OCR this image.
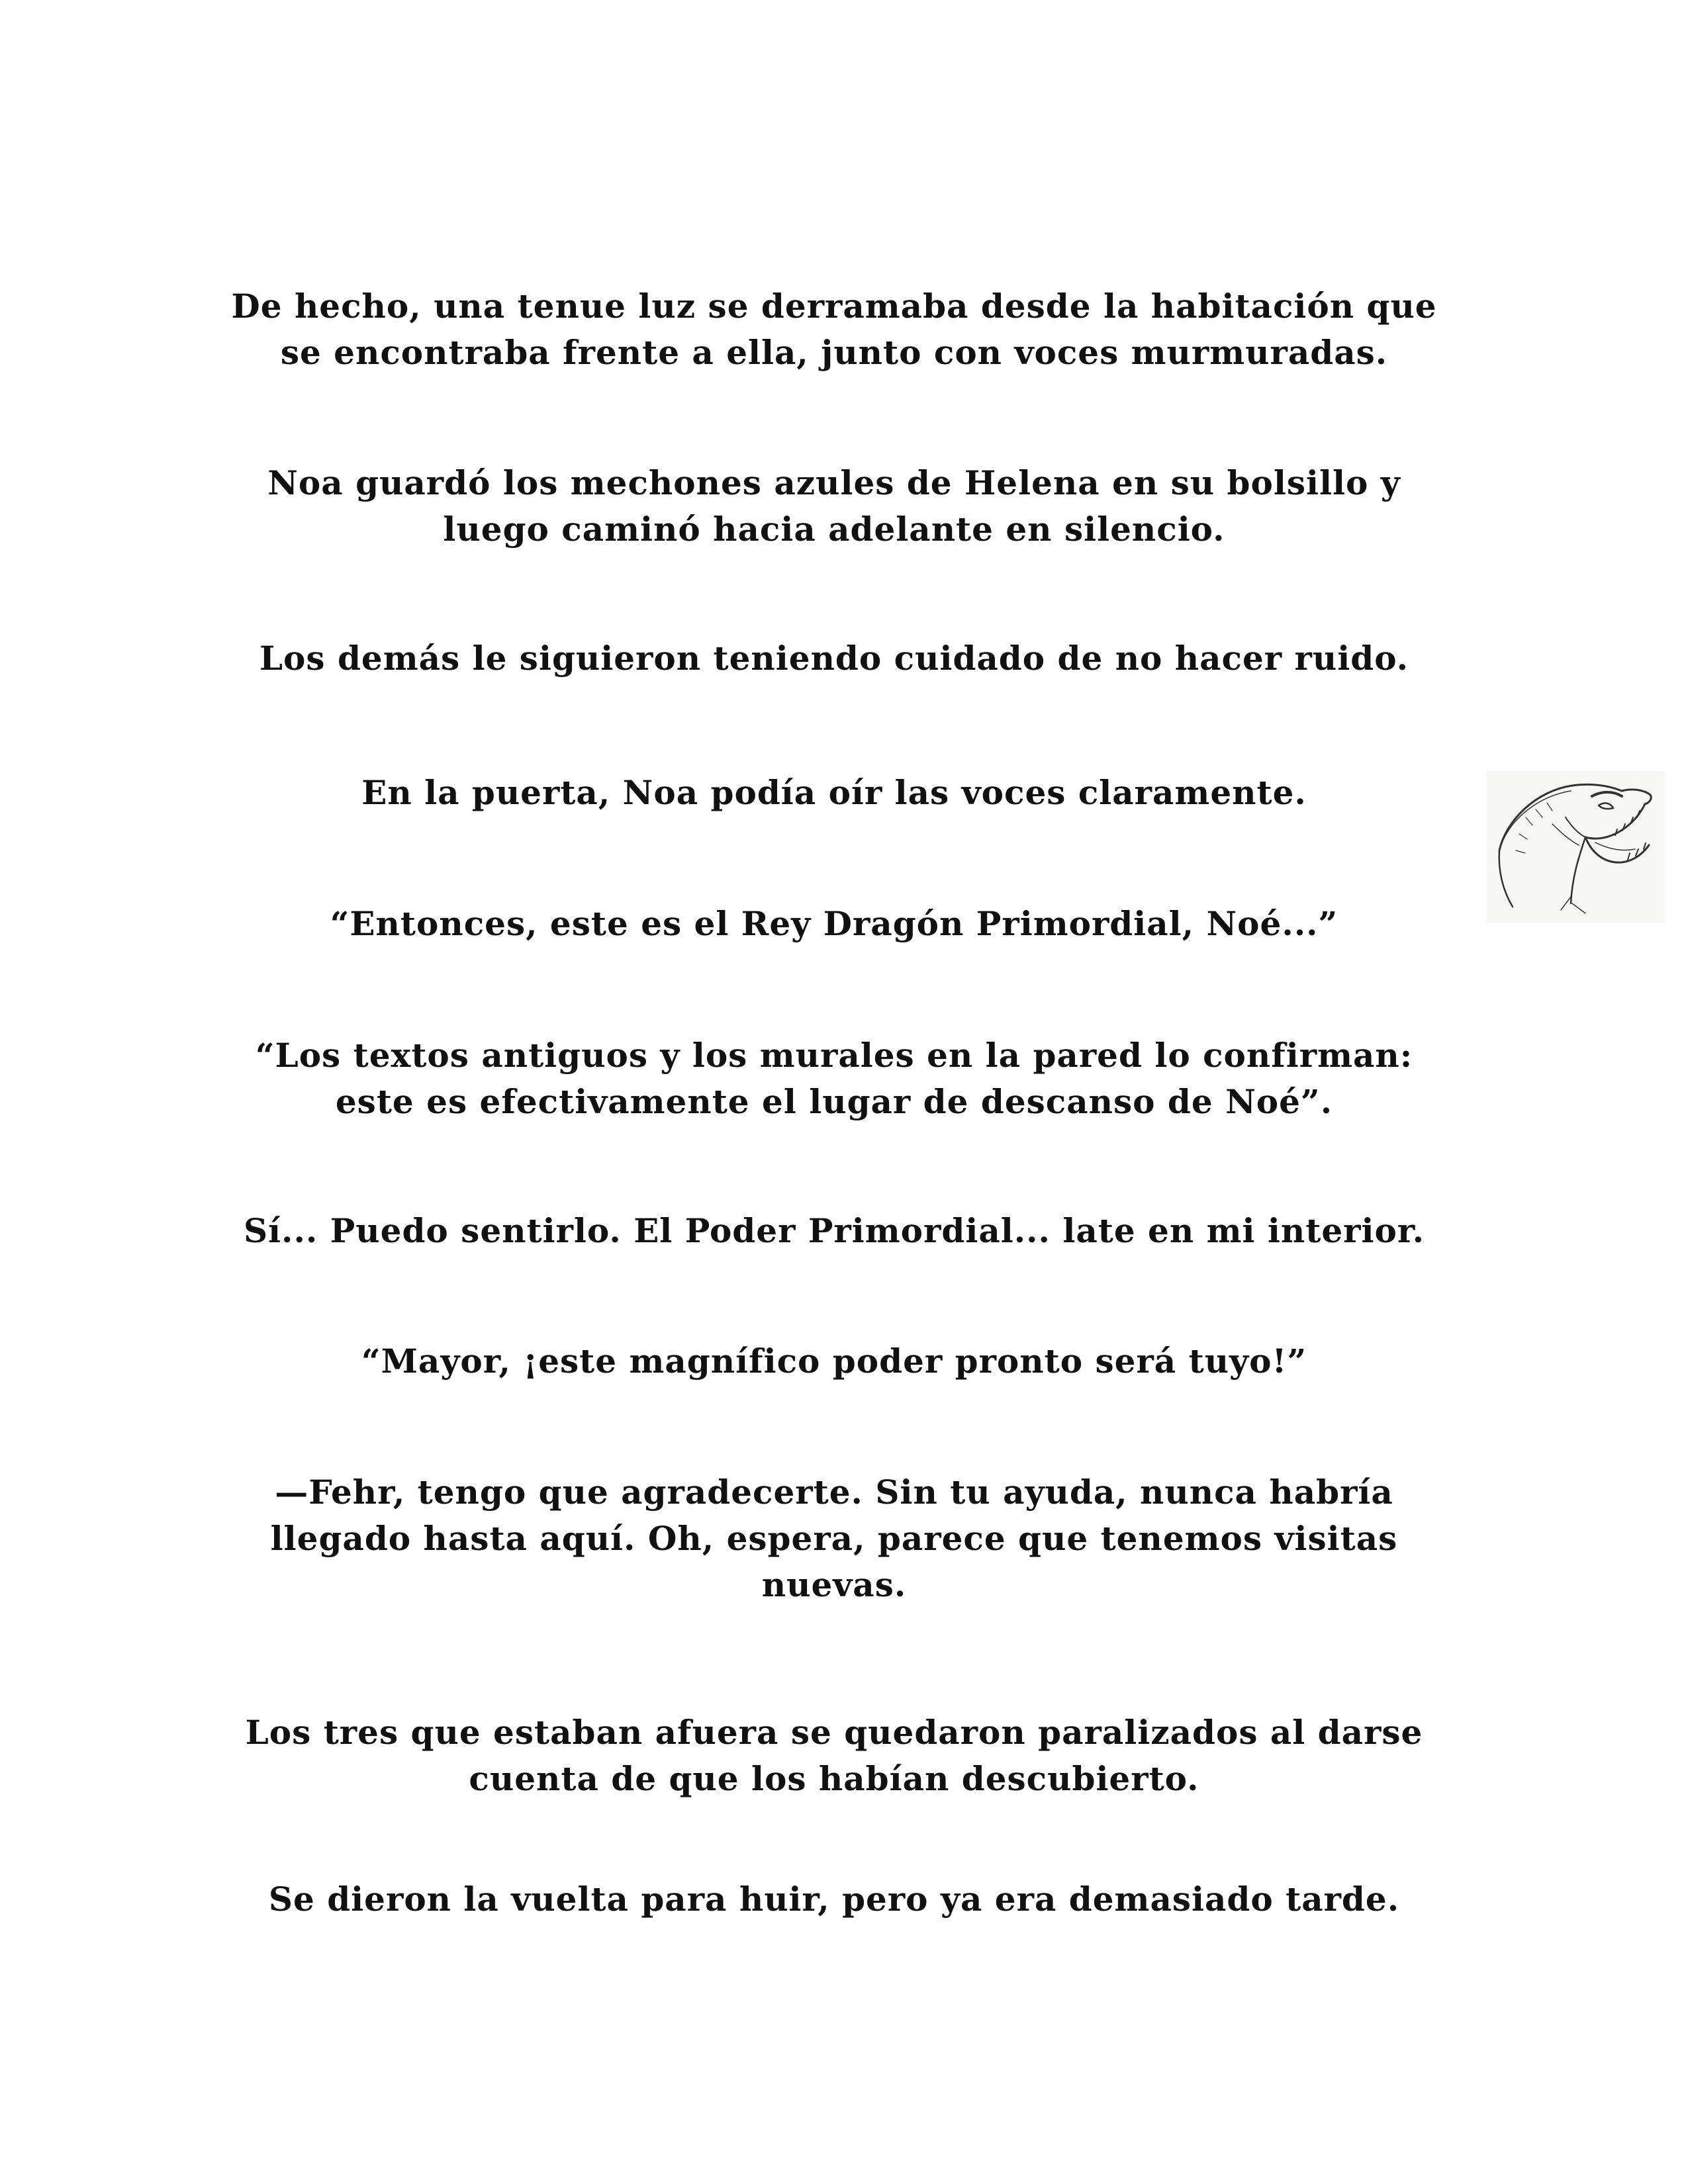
De hecho, una tenue luz se derramaba desde la habitación que
se encontraba frente a ella, junto con voces murmuradas.

Noa guardó los mechones azules de Helena en su bolsillo y
luego caminó hacia adelante en silencio.

Los demás le siguieron teniendo cuidado de no hacer ruido.

En la puerta, Noa podía oír las voces claramente.

“Entonces, este es el Rey Dragón Primordial, Noé...”

“Los textos antiguos y los murales en la pared lo confirman:
este es efectivamente el lugar de descanso de Noé”.

Sí... Puedo sentirlo. El Poder Primordial... late en mi interior.

“Mayor, ¡este magnífico poder pronto será tuyo!”

—Fehr, tengo que agradecerte. Sin tu ayuda, nunca habría
llegado hasta aquí. Oh, espera, parece que tenemos visitas
nuevas.

Los tres que estaban afuera se quedaron paralizados al darse
cuenta de que los habían descubierto.

Se dieron la vuelta para huir, pero ya era demasiado tarde.
